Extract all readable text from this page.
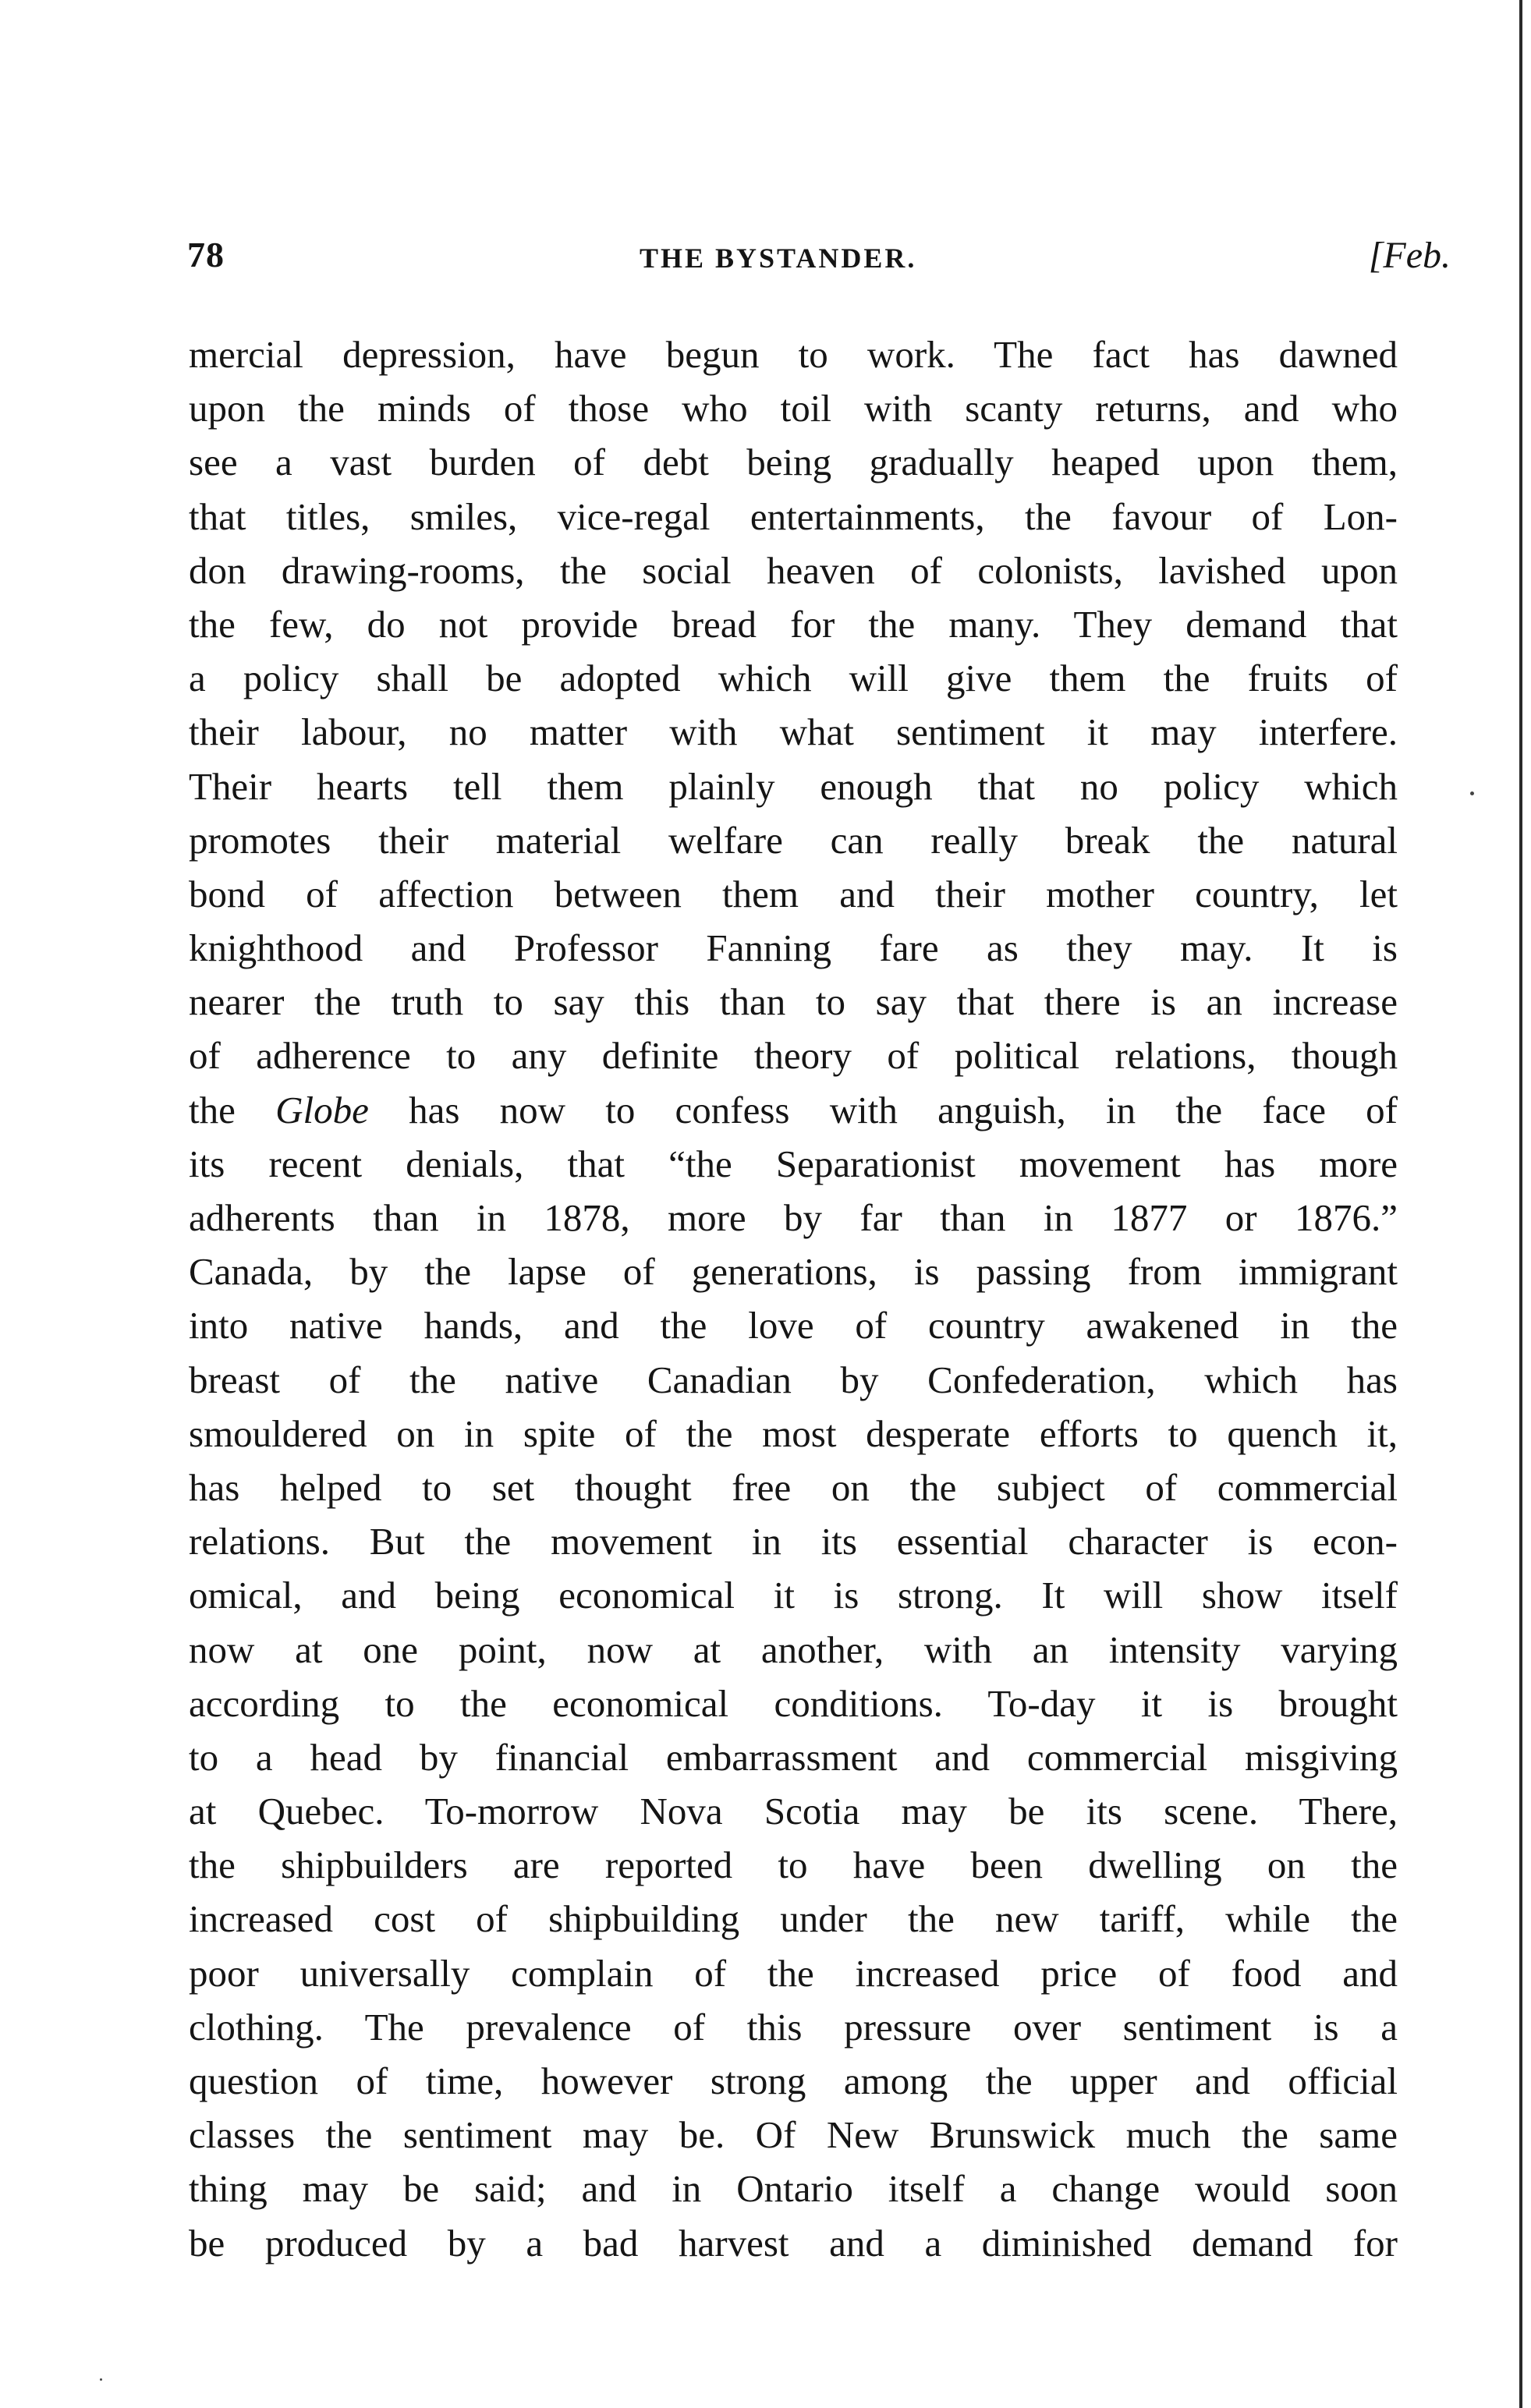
78	THE BYSTANDER.	[Feb.
mercial depression, have begun to work. The fact has dawned
upon the minds of those who toil with scanty returns, and who
see a vast burden of debt being gradually heaped upon them,
that titles, smiles, vice-regal entertainments, the favour of Lon-
don drawing-rooms, the social heaven of colonists, lavished upon
the few, do not provide bread for the many. They demand that
a policy shall be adopted which will give them the fruits of
their labour, no matter with what sentiment it may interfere.
Their hearts tell them plainly enough that no policy which
promotes their material welfare can really break the natural
bond of affection between them and their mother country, let
knighthood and Professor Fanning fare as they may. It is
nearer the truth to say this than to say that there is an increase
of adherence to any definite theory of political relations, though
the Globe has now to confess with anguish, in the face of
its recent denials, that “the Separationist movement has more
adherents than in 1878, more by far than in 1877 or 1876.”
Canada, by the lapse of generations, is passing from immigrant
into native hands, and the love of country awakened in the
breast of the native Canadian by Confederation, which has
smouldered on in spite of the most desperate efforts to quench it,
has helped to set thought free on the subject of commercial
relations. But the movement in its essential character is econ-
omical, and being economical it is strong. It will show itself
now at one point, now at another, with an intensity varying
according to the economical conditions. To-day it is brought
to a head by financial embarrassment and commercial misgiving
at Quebec. To-morrow Nova Scotia may be its scene. There,
the shipbuilders are reported to have been dwelling on the
increased cost of shipbuilding under the new tariff, while the
poor universally complain of the increased price of food and
clothing. The prevalence of this pressure over sentiment is a
question of time, however strong among the upper and official
classes the sentiment may be. Of New Brunswick much the same
thing may be said; and in Ontario itself a change would soon
be produced by a bad harvest and a diminished demand for
